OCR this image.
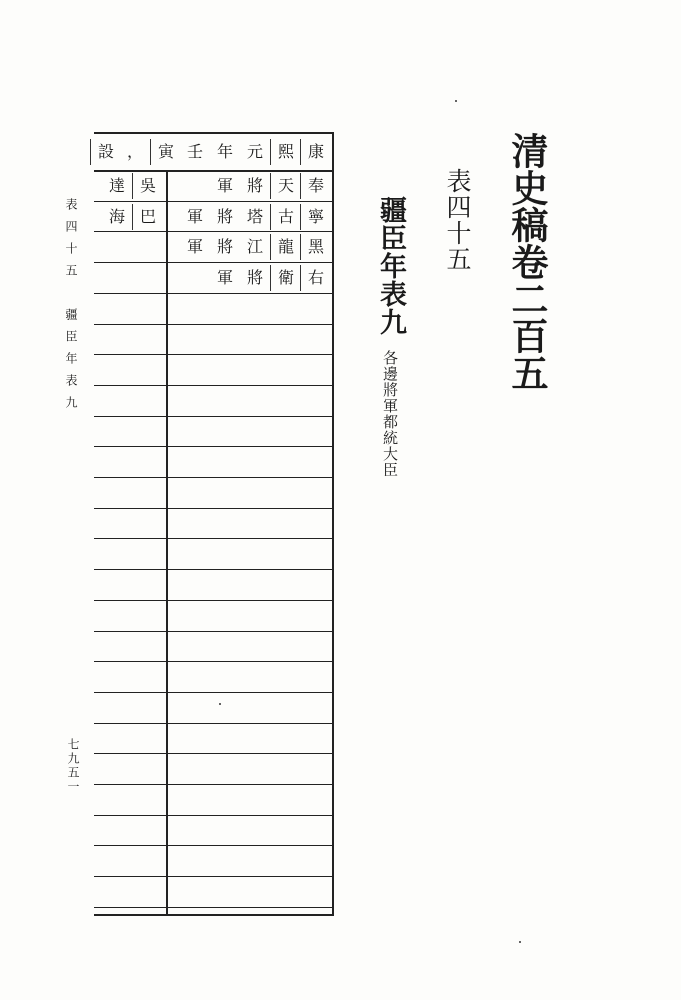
清史稿卷二百五
表四十五
疆臣年表九
各邊將軍都統大臣
表四十五　疆臣年表九
七九五一
康
熙
元
年
壬
寅
，
設
奉
天
將
軍
吳
達
寧
古
塔
將
軍
巴
海
黑
龍
江
將
軍
右
衛
將
軍
